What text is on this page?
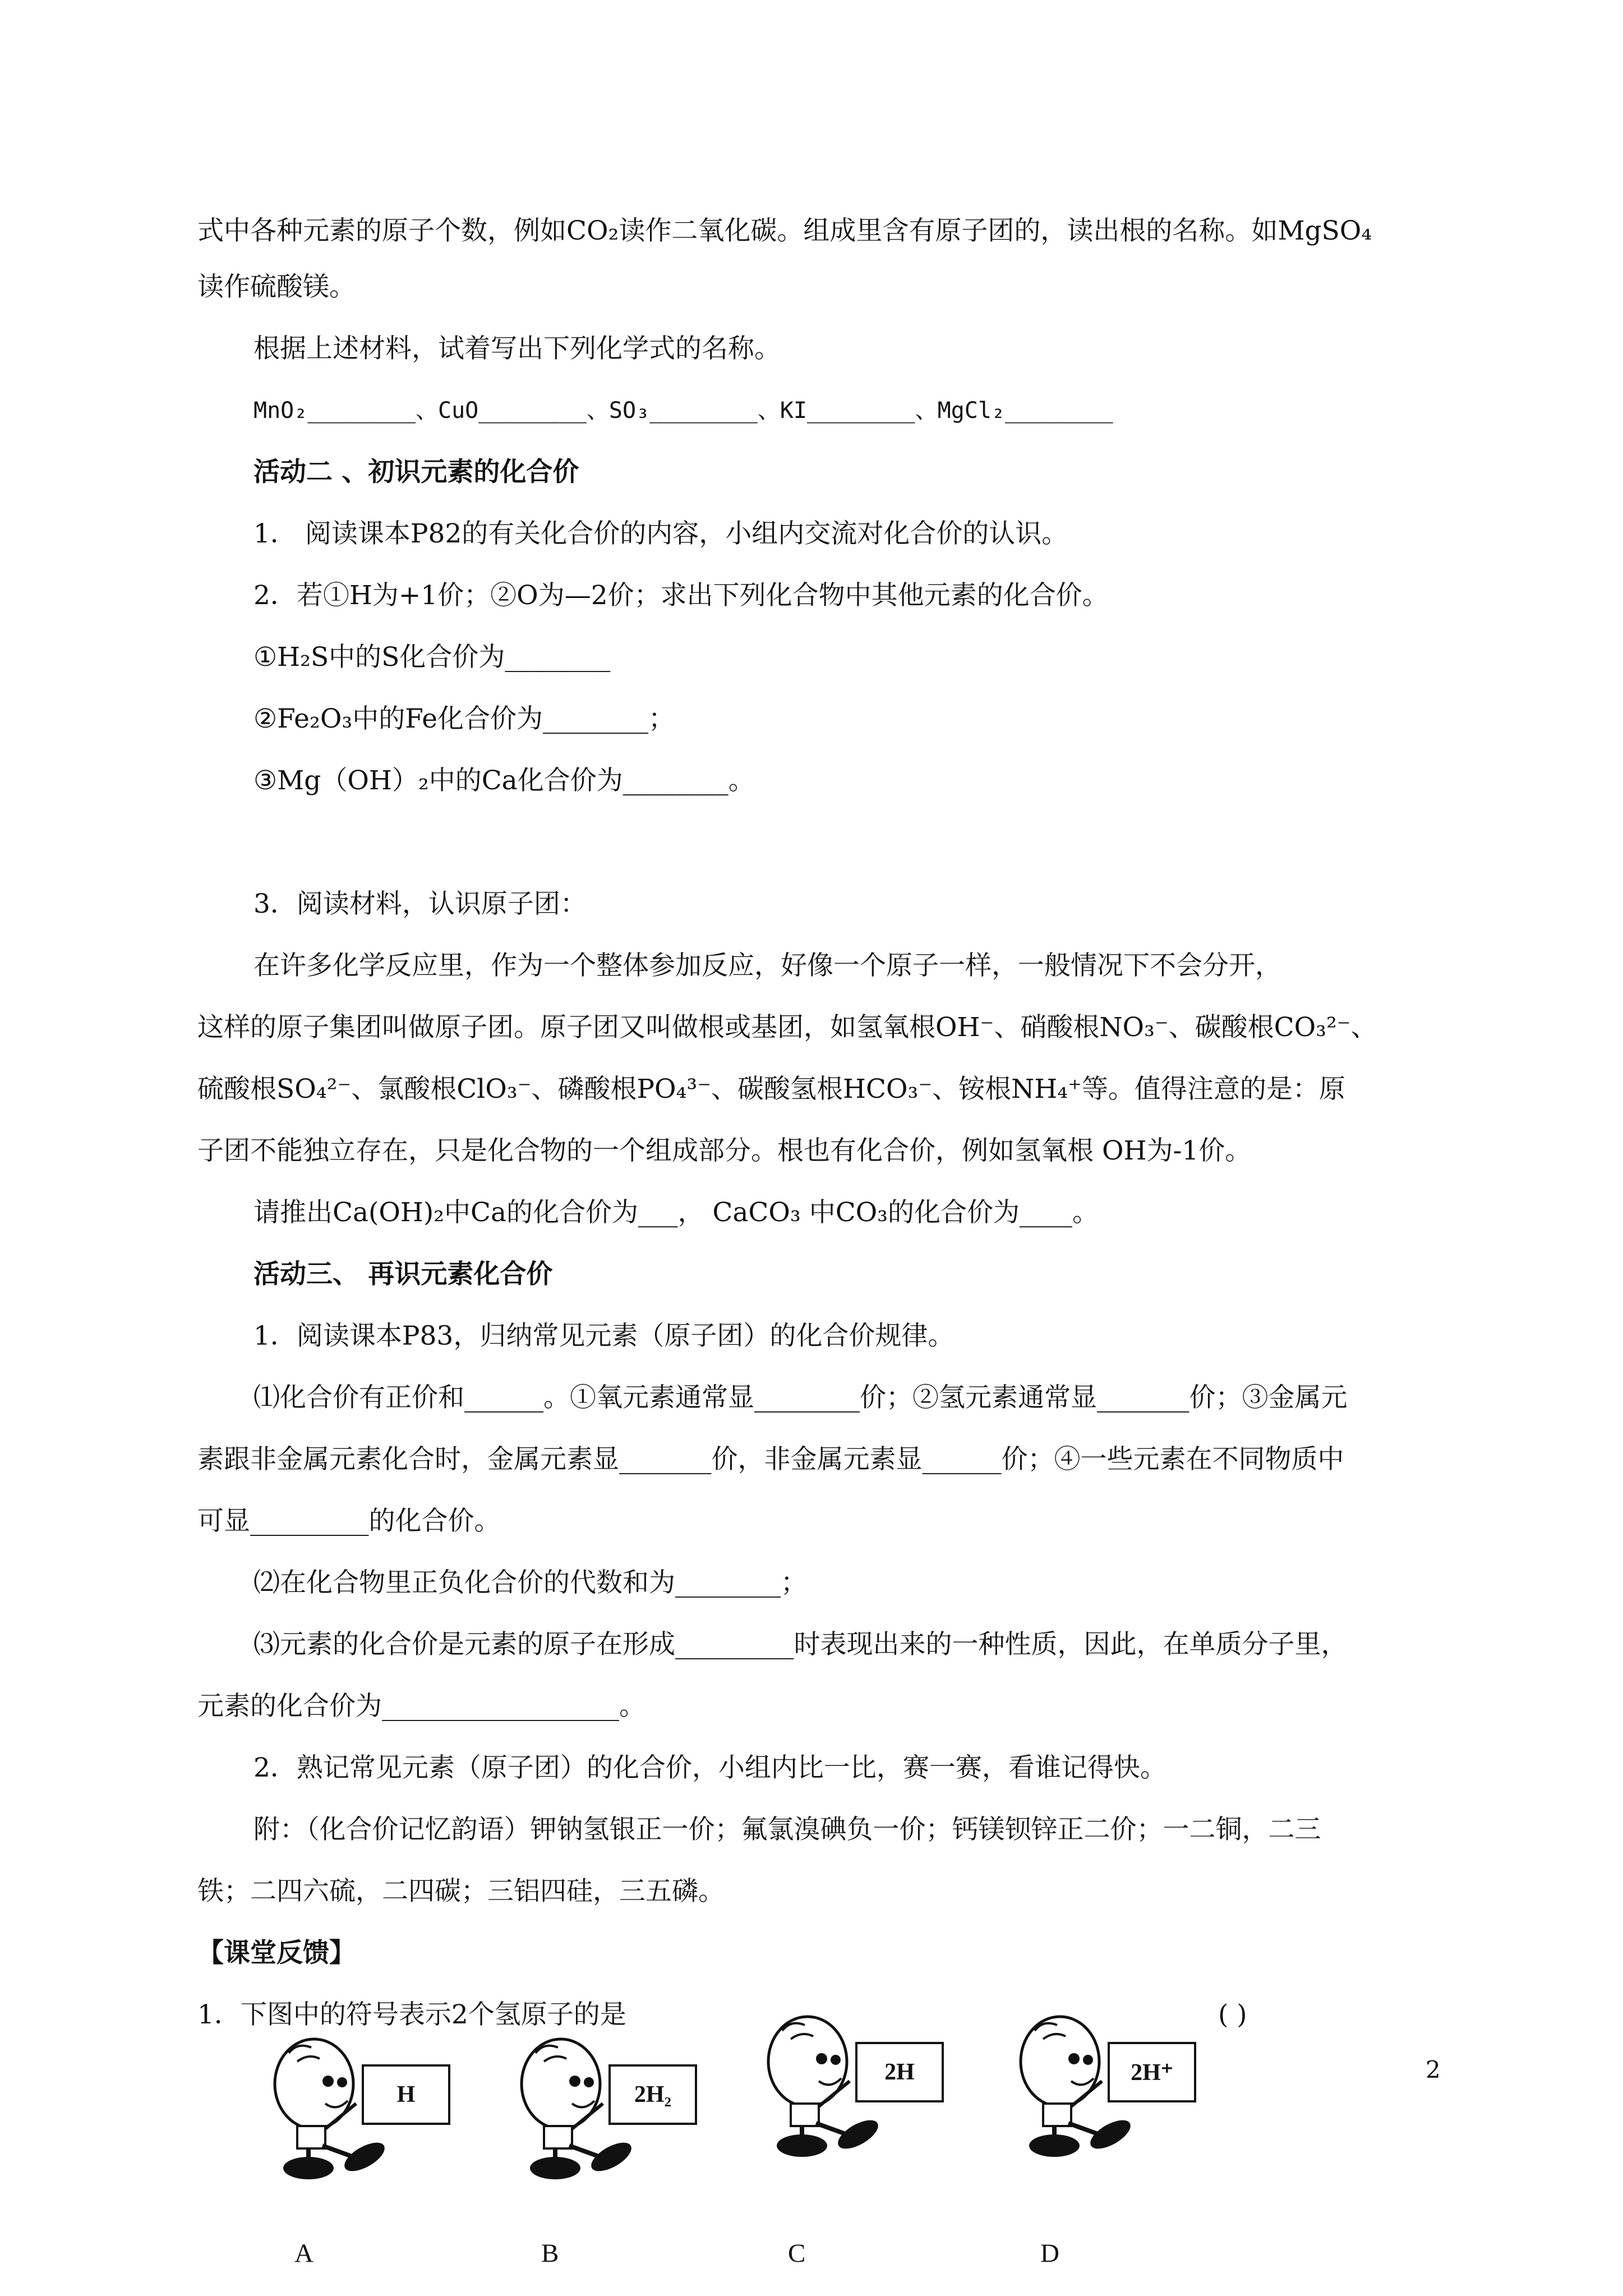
式中各种元素的原子个数，例如CO₂读作二氧化碳。组成里含有原子团的，读出根的名称。如MgSO₄
读作硫酸镁。
根据上述材料，试着写出下列化学式的名称。
MnO₂________、CuO________、SO₃________、KI________、MgCl₂________
活动二 、初识元素的化合价
1． 阅读课本P82的有关化合价的内容，小组内交流对化合价的认识。
2．若①H为+1价；②O为—2价；求出下列化合物中其他元素的化合价。
①H₂S中的S化合价为________
②Fe₂O₃中的Fe化合价为________；
③Mg（OH）₂中的Ca化合价为________。
3．阅读材料，认识原子团：
在许多化学反应里，作为一个整体参加反应，好像一个原子一样，一般情况下不会分开，
这样的原子集团叫做原子团。原子团又叫做根或基团，如氢氧根OH⁻、硝酸根NO₃⁻、碳酸根CO₃²⁻、
硫酸根SO₄²⁻、氯酸根ClO₃⁻、磷酸根PO₄³⁻、碳酸氢根HCO₃⁻、铵根NH₄⁺等。值得注意的是：原
子团不能独立存在，只是化合物的一个组成部分。根也有化合价，例如氢氧根 OH为-1价。
请推出Ca(OH)₂中Ca的化合价为___， CaCO₃ 中CO₃的化合价为____。
活动三、 再识元素化合价
1．阅读课本P83，归纳常见元素（原子团）的化合价规律。
⑴化合价有正价和______。①氧元素通常显________价；②氢元素通常显_______价；③金属元
素跟非金属元素化合时，金属元素显_______价，非金属元素显______价；④一些元素在不同物质中
可显_________的化合价。
⑵在化合物里正负化合价的代数和为________；
⑶元素的化合价是元素的原子在形成_________时表现出来的一种性质，因此，在单质分子里，
元素的化合价为__________________。
2．熟记常见元素（原子团）的化合价，小组内比一比，赛一赛，看谁记得快。
附：（化合价记忆韵语）钾钠氢银正一价；氟氯溴碘负一价；钙镁钡锌正二价；一二铜，二三
铁；二四六硫，二四碳；三铝四硅，三五磷。
【课堂反馈】
1．下图中的符号表示2个氢原子的是	( )
H
A
2H₂
B
2H
C
2H⁺
D
2
